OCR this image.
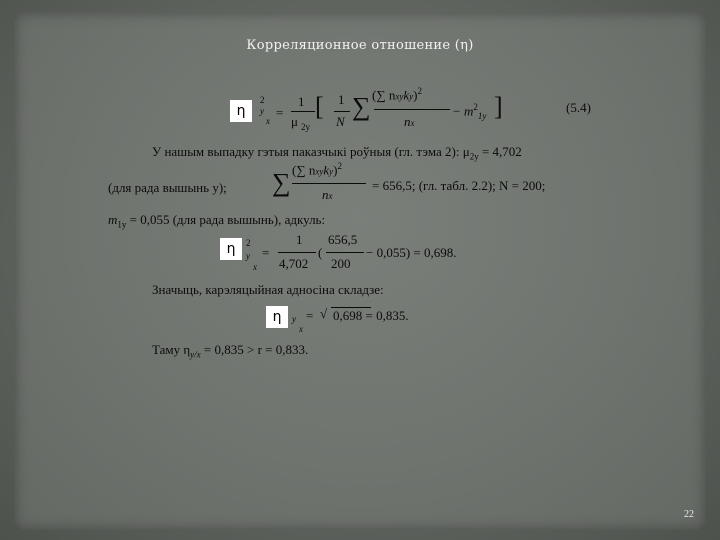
Корреляционное отношение (η)
η
2
y
x
=
1
μ 2y
[ 1
N
∑ (∑ nxyky)$^2$
nx
− $m^2_{1y}$ ]	(5.4)
У нашым выпадку гэтыя паказчыкі роўныя (гл. тэма 2): $\mu_{2y} = 4,702$
(для рада вышынь y); ∑ (∑ nxyky)$^2$
nx
= 656,5; (гл. табл. 2.2); N = 200;
$m_{1y} = 0,055$ (для рада вышынь), адкуль:
η	2
y
x
=
1
4,702
(
656,5
200
− 0,055) = 0,698.
Значыць, карэляцыйная адносіна складзе:
η	y
x
= √ 0,698 = 0,835.
Таму $\eta_{y/x} = 0,835 > r = 0,833$.
22
